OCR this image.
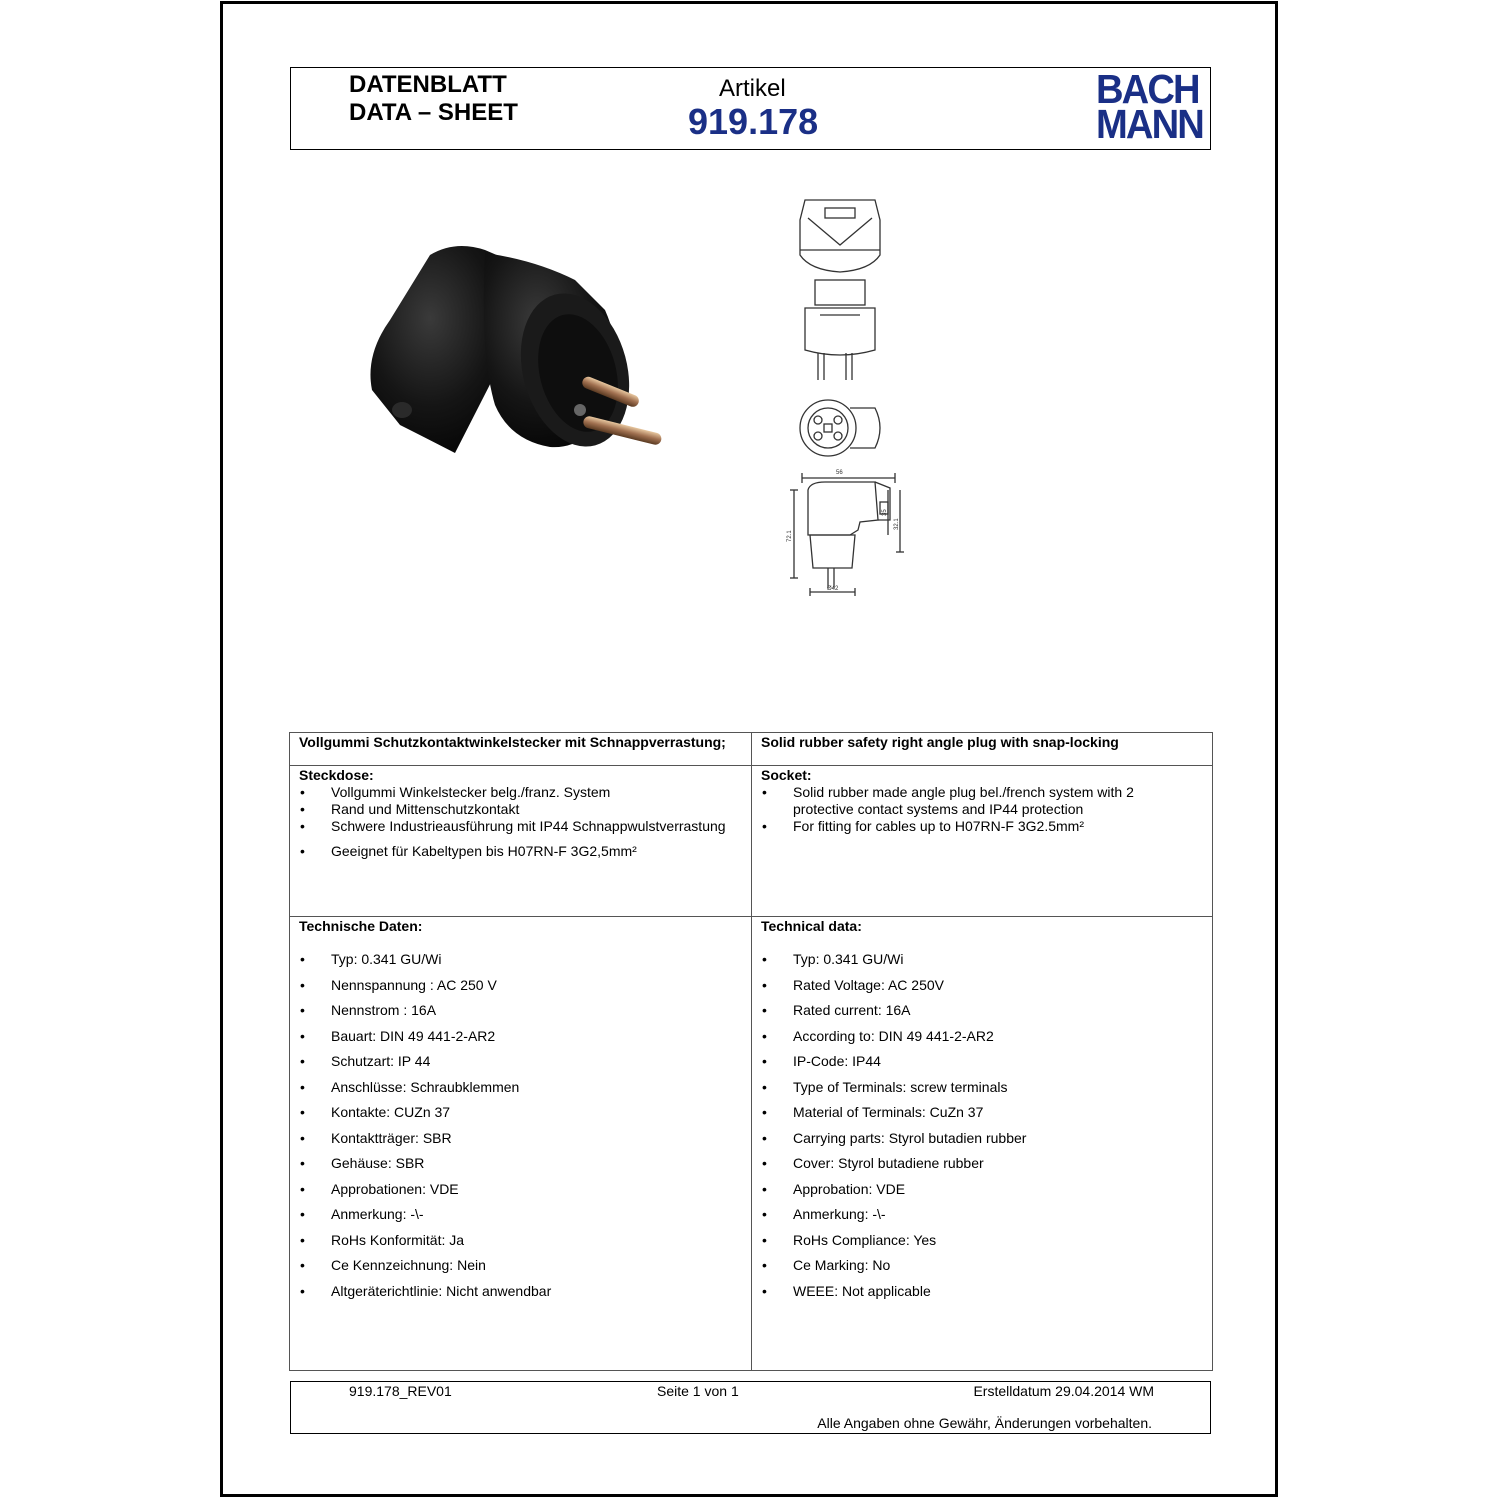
DATENBLATT
DATA – SHEET
Artikel
919.178
BACH
MANN
56
72.1
35
32.1
Ø42
Vollgummi Schutzkontaktwinkelstecker mit Schnappverrastung;	Solid rubber safety right angle plug with snap-locking
Steckdose:
• Vollgummi Winkelstecker belg./franz. System
• Rand und Mittenschutzkontakt
• Schwere Industrieausführung mit IP44 Schnappwulstverrastung
• Geeignet für Kabeltypen bis H07RN-F 3G2,5mm²
Socket:
• Solid rubber made angle plug bel./french system with 2 protective contact systems and IP44 protection
• For fitting for cables up to H07RN-F 3G2.5mm²
Technische Daten:
• Typ: 0.341 GU/Wi
• Nennspannung : AC 250 V
• Nennstrom : 16A
• Bauart: DIN 49 441-2-AR2
• Schutzart: IP 44
• Anschlüsse: Schraubklemmen
• Kontakte: CUZn 37
• Kontaktträger: SBR
• Gehäuse: SBR
• Approbationen: VDE
• Anmerkung: -\-
• RoHs Konformität: Ja
• Ce Kennzeichnung: Nein
• Altgeräterichtlinie: Nicht anwendbar
Technical data:
• Typ: 0.341 GU/Wi
• Rated Voltage: AC 250V
• Rated current: 16A
• According to: DIN 49 441-2-AR2
• IP-Code: IP44
• Type of Terminals: screw terminals
• Material of Terminals: CuZn 37
• Carrying parts: Styrol butadien rubber
• Cover: Styrol butadiene rubber
• Approbation: VDE
• Anmerkung: -\-
• RoHs Compliance: Yes
• Ce Marking: No
• WEEE: Not applicable
919.178_REV01	Seite 1 von 1	Erstelldatum 29.04.2014 WM
Alle Angaben ohne Gewähr, Änderungen vorbehalten.
